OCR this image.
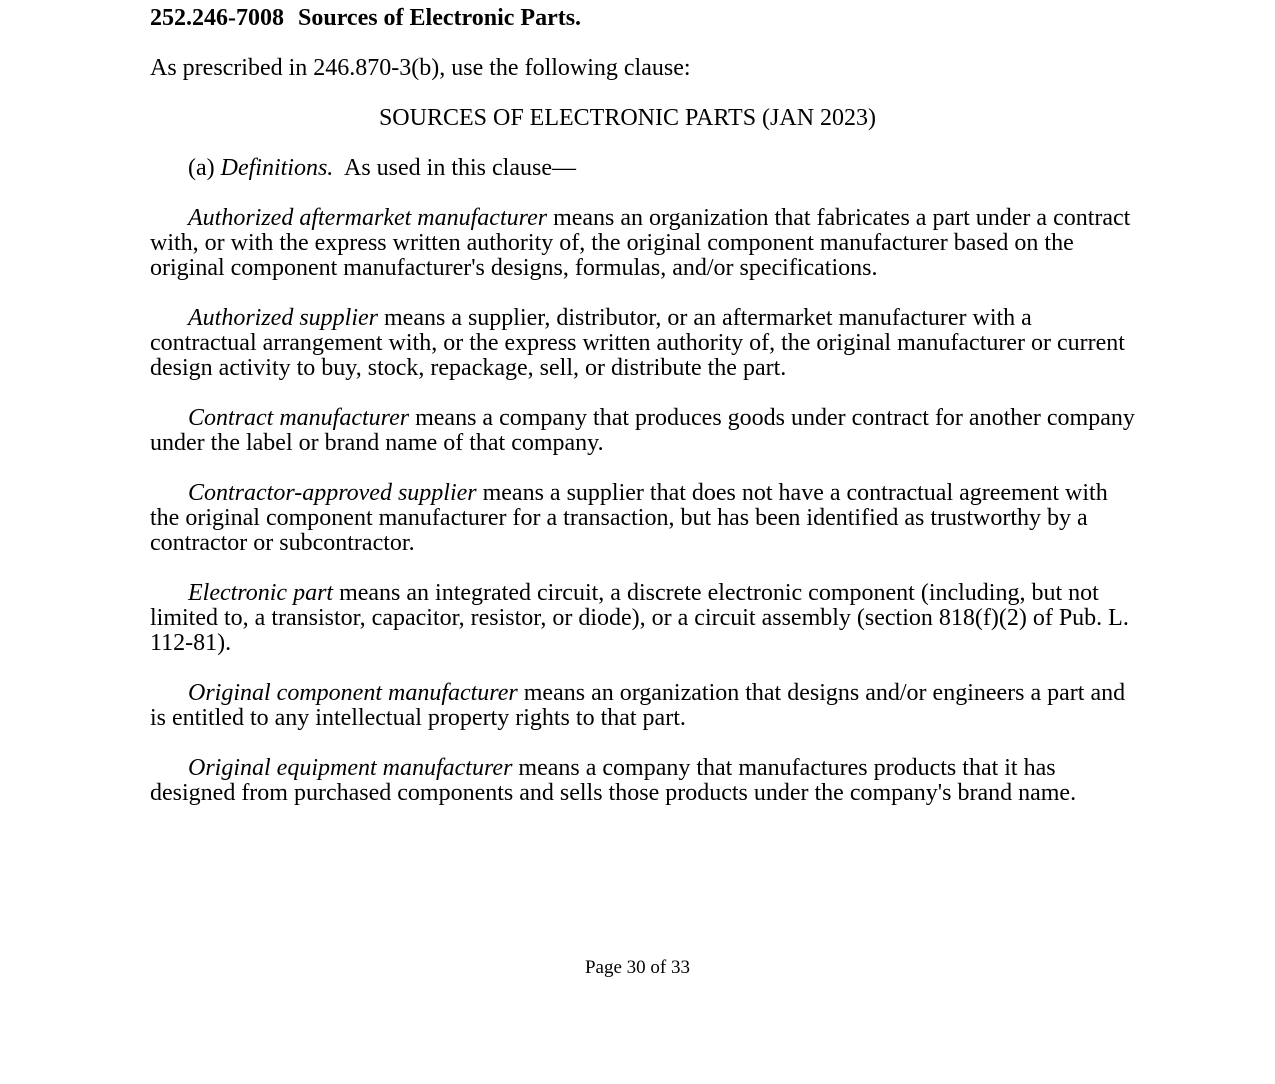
252.246-7008 Sources of Electronic Parts.
As prescribed in 246.870-3(b), use the following clause:
SOURCES OF ELECTRONIC PARTS (JAN 2023)
(a) Definitions. As used in this clause—
Authorized aftermarket manufacturer means an organization that fabricates a part under a contract with, or with the express written authority of, the original component manufacturer based on the original component manufacturer's designs, formulas, and/or specifications.
Authorized supplier means a supplier, distributor, or an aftermarket manufacturer with a contractual arrangement with, or the express written authority of, the original manufacturer or current design activity to buy, stock, repackage, sell, or distribute the part.
Contract manufacturer means a company that produces goods under contract for another company under the label or brand name of that company.
Contractor-approved supplier means a supplier that does not have a contractual agreement with the original component manufacturer for a transaction, but has been identified as trustworthy by a contractor or subcontractor.
Electronic part means an integrated circuit, a discrete electronic component (including, but not limited to, a transistor, capacitor, resistor, or diode), or a circuit assembly (section 818(f)(2) of Pub. L. 112-81).
Original component manufacturer means an organization that designs and/or engineers a part and is entitled to any intellectual property rights to that part.
Original equipment manufacturer means a company that manufactures products that it has designed from purchased components and sells those products under the company's brand name.
Page 30 of 33
